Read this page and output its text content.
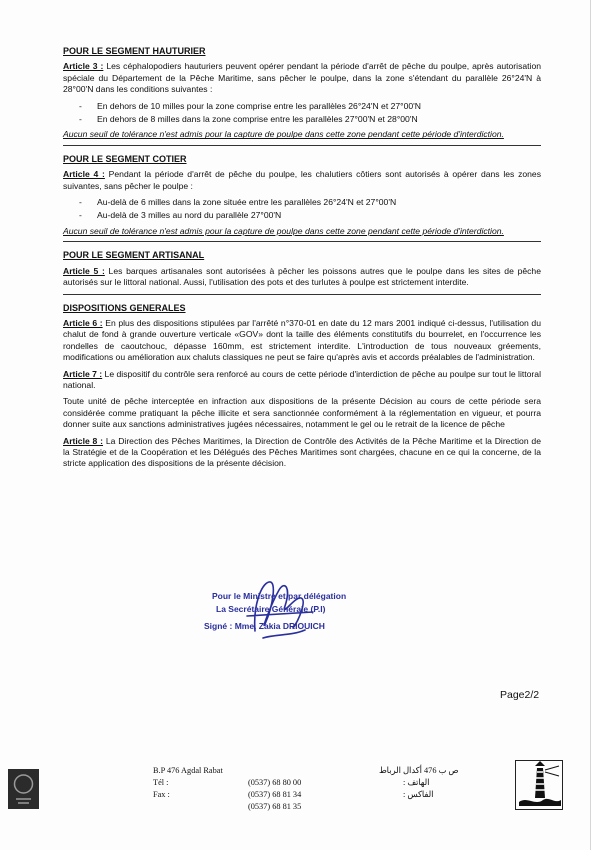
POUR LE SEGMENT HAUTURIER
Article 3 : Les céphalopodiers hauturiers peuvent opérer pendant la période d'arrêt de pêche du poulpe, après autorisation spéciale du Département de la Pêche Maritime, sans pêcher le poulpe, dans la zone s'étendant du parallèle 26°24'N à 28°00'N dans les conditions suivantes :
- En dehors de 10 milles pour la zone comprise entre les parallèles 26°24'N et 27°00'N
- En dehors de 8 milles dans la zone comprise entre les parallèles 27°00'N et 28°00'N
Aucun seuil de tolérance n'est admis pour la capture de poulpe dans cette zone pendant cette période d'interdiction.
POUR LE SEGMENT COTIER
Article 4 : Pendant la période d'arrêt de pêche du poulpe, les chalutiers côtiers sont autorisés à opérer dans les zones suivantes, sans pêcher le poulpe :
- Au-delà de 6 milles dans la zone située entre les parallèles 26°24'N et 27°00'N
- Au-delà de 3 milles au nord du parallèle 27°00'N
Aucun seuil de tolérance n'est admis pour la capture de poulpe dans cette zone pendant cette période d'interdiction.
POUR LE SEGMENT ARTISANAL
Article 5 : Les barques artisanales sont autorisées à pêcher les poissons autres que le poulpe dans les sites de pêche autorisés sur le littoral national. Aussi, l'utilisation des pots et des turlutes à poulpe est strictement interdite.
DISPOSITIONS GENERALES
Article 6 : En plus des dispositions stipulées par l'arrêté n°370-01 en date du 12 mars 2001 indiqué ci-dessus, l'utilisation du chalut de fond à grande ouverture verticale «GOV» dont la taille des éléments constitutifs du bourrelet, en l'occurrence les rondelles de caoutchouc, dépasse 160mm, est strictement interdite. L'introduction de tous nouveaux gréements, modifications ou amélioration aux chaluts classiques ne peut se faire qu'après avis et accords préalables de l'administration.
Article 7 : Le dispositif du contrôle sera renforcé au cours de cette période d'interdiction de pêche au poulpe sur tout le littoral national.
Toute unité de pêche interceptée en infraction aux dispositions de la présente Décision au cours de cette période sera considérée comme pratiquant la pêche illicite et sera sanctionnée conformément à la réglementation en vigueur, et pourra donner suite aux sanctions administratives jugées nécessaires, notamment le gel ou le retrait de la licence de pêche
Article 8 : La Direction des Pêches Maritimes, la Direction de Contrôle des Activités de la Pêche Maritime et la Direction de la Stratégie et de la Coopération et les Délégués des Pêches Maritimes sont chargées, chacune en ce qui la concerne, de la stricte application des dispositions de la présente décision.
Pour le Ministre et par délégation
La Secrétaire Générale (P.I)
Signé : Mme. Zakia DRIOUICH
Page2/2
B.P 476 Agdal Rabat
Tél :
Fax :
(0537) 68 80 00
(0537) 68 81 34
(0537) 68 81 35
ص ب 476 أكدال الرباط
الهاتف :
الفاكس :
